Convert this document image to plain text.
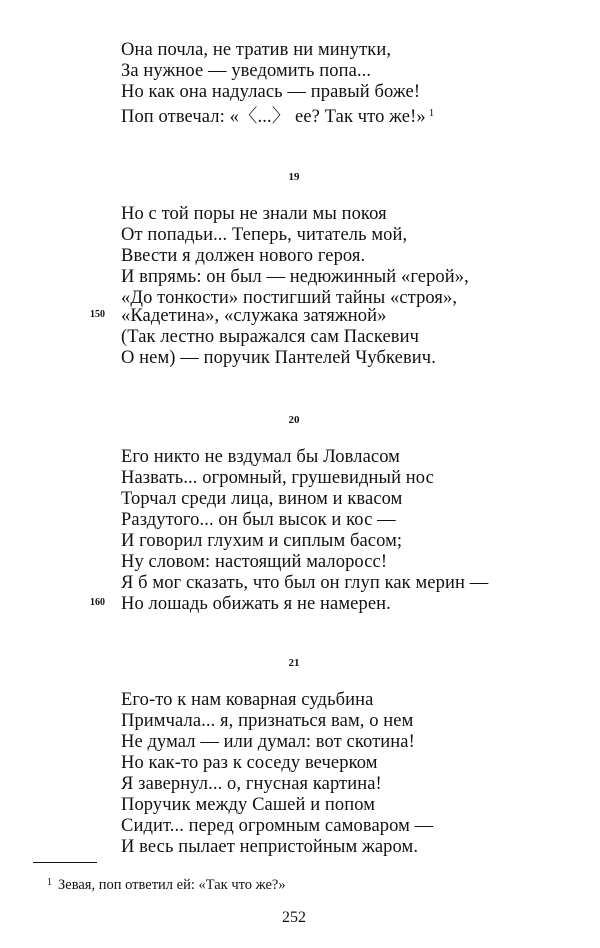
Она почла, не тратив ни минутки,
За нужное — уведомить попа...
Но как она надулась — правый боже!
Поп отвечал: «〈...〉 ее? Так что же!» $^1$
19
Но с той поры не знали мы покоя
От попадьи... Теперь, читатель мой,
Ввести я должен нового героя.
И впрямь: он был — недюжинный «герой»,
«До тонкости» постигший тайны «строя»,
150 «Кадетина», «служака затяжной»
(Так лестно выражался сам Паскевич
О нем) — поручик Пантелей Чубкевич.
20
Его никто не вздумал бы Ловласом
Назвать... огромный, грушевидный нос
Торчал среди лица, вином и квасом
Раздутого... он был высок и кос —
И говорил глухим и сиплым басом;
Ну словом: настоящий малоросс!
Я б мог сказать, что был он глуп как мерин —
160 Но лошадь обижать я не намерен.
21
Его-то к нам коварная судьбина
Примчала... я, признаться вам, о нем
Не думал — или думал: вот скотина!
Но как-то раз к соседу вечерком
Я завернул... о, гнусная картина!
Поручик между Сашей и попом
Сидит... перед огромным самоваром —
И весь пылает непристойным жаром.
$^1$ Зевая, поп ответил ей: «Так что же?»
252
